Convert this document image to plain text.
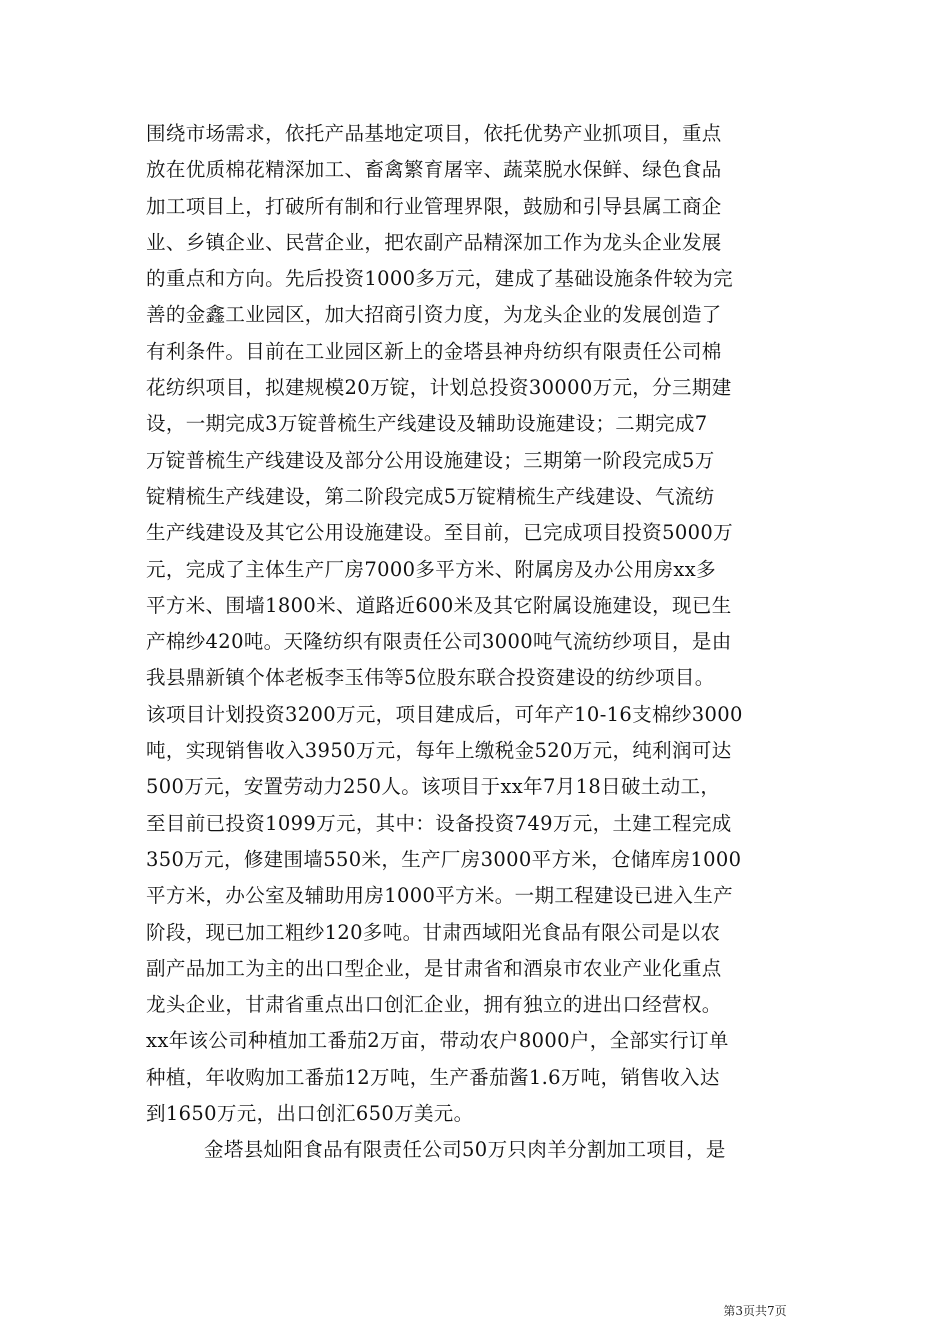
围绕市场需求，依托产品基地定项目，依托优势产业抓项目，重点
放在优质棉花精深加工、畜禽繁育屠宰、蔬菜脱水保鲜、绿色食品
加工项目上，打破所有制和行业管理界限，鼓励和引导县属工商企
业、乡镇企业、民营企业，把农副产品精深加工作为龙头企业发展
的重点和方向。先后投资1000多万元，建成了基础设施条件较为完
善的金鑫工业园区，加大招商引资力度，为龙头企业的发展创造了
有利条件。目前在工业园区新上的金塔县神舟纺织有限责任公司棉
花纺织项目，拟建规模20万锭，计划总投资30000万元，分三期建
设，一期完成3万锭普梳生产线建设及辅助设施建设；二期完成7
万锭普梳生产线建设及部分公用设施建设；三期第一阶段完成5万
锭精梳生产线建设，第二阶段完成5万锭精梳生产线建设、气流纺
生产线建设及其它公用设施建设。至目前，已完成项目投资5000万
元，完成了主体生产厂房7000多平方米、附属房及办公用房xx多
平方米、围墙1800米、道路近600米及其它附属设施建设，现已生
产棉纱420吨。天隆纺织有限责任公司3000吨气流纺纱项目，是由
我县鼎新镇个体老板李玉伟等5位股东联合投资建设的纺纱项目。
该项目计划投资3200万元，项目建成后，可年产10-16支棉纱3000
吨，实现销售收入3950万元，每年上缴税金520万元，纯利润可达
500万元，安置劳动力250人。该项目于xx年7月18日破土动工，
至目前已投资1099万元，其中：设备投资749万元，土建工程完成
350万元，修建围墙550米，生产厂房3000平方米，仓储库房1000
平方米，办公室及辅助用房1000平方米。一期工程建设已进入生产
阶段，现已加工粗纱120多吨。甘肃西域阳光食品有限公司是以农
副产品加工为主的出口型企业，是甘肃省和酒泉市农业产业化重点
龙头企业，甘肃省重点出口创汇企业，拥有独立的进出口经营权。
xx年该公司种植加工番茄2万亩，带动农户8000户，全部实行订单
种植，年收购加工番茄12万吨，生产番茄酱1.6万吨，销售收入达
到1650万元，出口创汇650万美元。
金塔县灿阳食品有限责任公司50万只肉羊分割加工项目，是
第3页共7页
